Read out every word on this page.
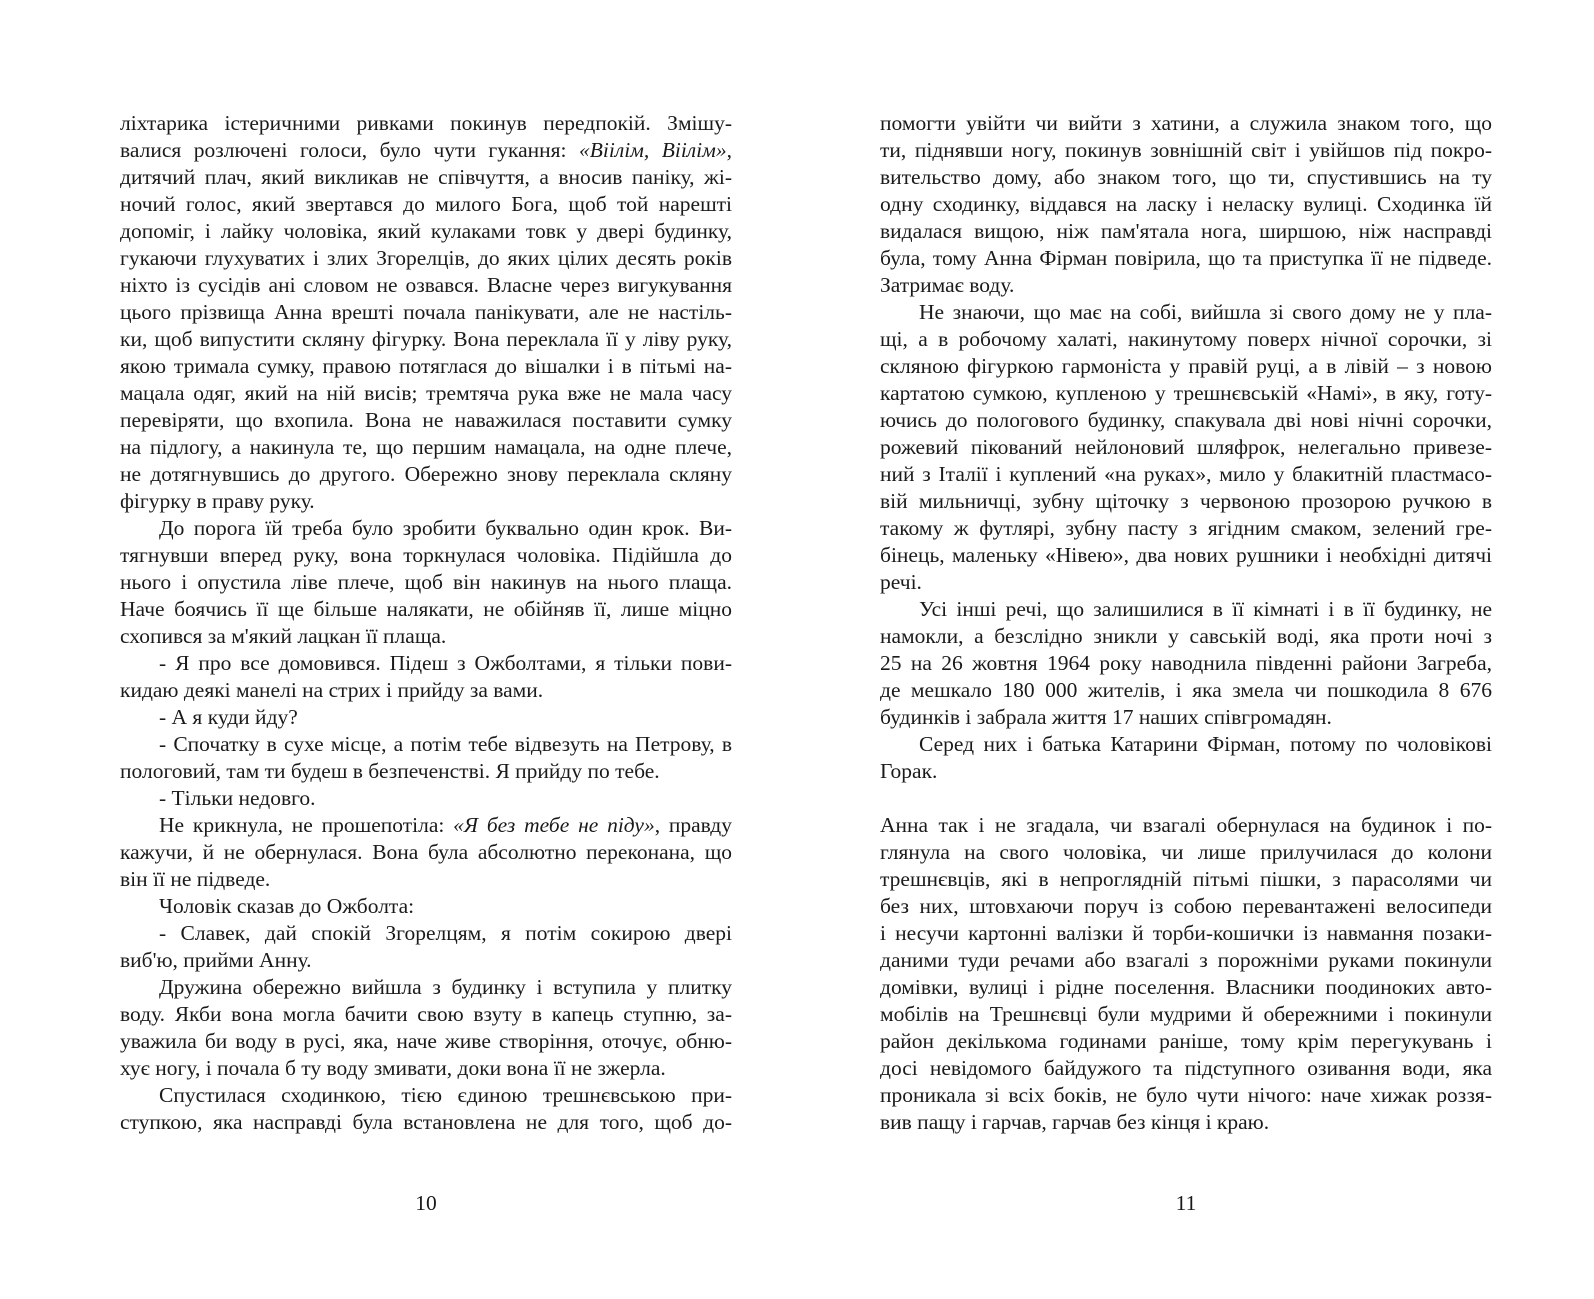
ліхтарика істеричними ривками покинув передпокій. Змішу-
валися розлючені голоси, було чути гукання: «Віiлім, Віiлім»,
дитячий плач, який викликав не співчуття, а вносив паніку, жі-
ночий голос, який звертався до милого Бога, щоб той нарешті
допоміг, і лайку чоловіка, який кулаками товк у двері будинку,
гукаючи глухуватих і злих Згорелців, до яких цілих десять років
ніхто із сусідів ані словом не озвався. Власне через вигукування
цього прізвища Анна врешті почала панікувати, але не настіль-
ки, щоб випустити скляну фігурку. Вона переклала її у ліву руку,
якою тримала сумку, правою потяглася до вішалки і в пітьмі на-
мацала одяг, який на ній висів; тремтяча рука вже не мала часу
перевіряти, що вхопила. Вона не наважилася поставити сумку
на підлогу, а накинула те, що першим намацала, на одне плече,
не дотягнувшись до другого. Обережно знову переклала скляну
фігурку в праву руку.
До порога їй треба було зробити буквально один крок. Ви-
тягнувши вперед руку, вона торкнулася чоловіка. Підійшла до
нього і опустила ліве плече, щоб він накинув на нього плаща.
Наче боячись її ще більше налякати, не обійняв її, лише міцно
схопився за м'який лацкан її плаща.
- Я про все домовився. Підеш з Ожболтами, я тільки пови-
кидаю деякі манелі на стрих і прийду за вами.
- А я куди йду?
- Спочатку в сухе місце, а потім тебе відвезуть на Петрову, в
пологовий, там ти будеш в безпеченстві. Я прийду по тебе.
- Тільки недовго.
Не крикнула, не прошепотіла: «Я без тебе не піду», правду
кажучи, й не обернулася. Вона була абсолютно переконана, що
він її не підведе.
Чоловік сказав до Ожболта:
- Славек, дай спокій Згорелцям, я потім сокирою двері
виб'ю, прийми Анну.
Дружина обережно вийшла з будинку і вступила у плитку
воду. Якби вона могла бачити свою взуту в капець ступню, за-
уважила би воду в русі, яка, наче живе створіння, оточує, обню-
хує ногу, і почала б ту воду змивати, доки вона її не зжерла.
Спустилася сходинкою, тією єдиною трешнєвською при-
ступкою, яка насправді була встановлена не для того, щоб до-
10
помогти увійти чи вийти з хатини, а служила знаком того, що
ти, піднявши ногу, покинув зовнішній світ і увійшов під покро-
вительство дому, або знаком того, що ти, спустившись на ту
одну сходинку, віддався на ласку і неласку вулиці. Сходинка їй
видалася вищою, ніж пам'ятала нога, ширшою, ніж насправді
була, тому Анна Фірман повірила, що та приступка її не підведе.
Затримає воду.
Не знаючи, що має на собі, вийшла зі свого дому не у пла-
щі, а в робочому халаті, накинутому поверх нічної сорочки, зі
скляною фігуркою гармоніста у правій руці, а в лівій – з новою
картатою сумкою, купленою у трешнєвській «Намі», в яку, готу-
ючись до пологового будинку, спакувала дві нові нічні сорочки,
рожевий пікований нейлоновий шляфрок, нелегально привезе-
ний з Італії і куплений «на руках», мило у блакитній пластмасо-
вій мильничці, зубну щіточку з червоною прозорою ручкою в
такому ж футлярі, зубну пасту з ягідним смаком, зелений гре-
бінець, маленьку «Нівею», два нових рушники і необхідні дитячі
речі.
Усі інші речі, що залишилися в її кімнаті і в її будинку, не
намокли, а безслідно зникли у савській воді, яка проти ночі з
25 на 26 жовтня 1964 року наводнила південні райони Загреба,
де мешкало 180 000 жителів, і яка змела чи пошкодила 8 676
будинків і забрала життя 17 наших співгромадян.
Серед них і батька Катарини Фірман, потому по чоловікові
Горак.
Анна так і не згадала, чи взагалі обернулася на будинок і по-
глянула на свого чоловіка, чи лише прилучилася до колони
трешнєвців, які в непроглядній пітьмі пішки, з парасолями чи
без них, штовхаючи поруч із собою перевантажені велосипеди
і несучи картонні валізки й торби-кошички із навмання позаки-
даними туди речами або взагалі з порожніми руками покинули
домівки, вулиці і рідне поселення. Власники поодиноких авто-
мобілів на Трешнєвці були мудрими й обережними і покинули
район декількома годинами раніше, тому крім перегукувань і
досі невідомого байдужого та підступного озивання води, яка
проникала зі всіх боків, не було чути нічого: наче хижак роззя-
вив пащу і гарчав, гарчав без кінця і краю.
11
